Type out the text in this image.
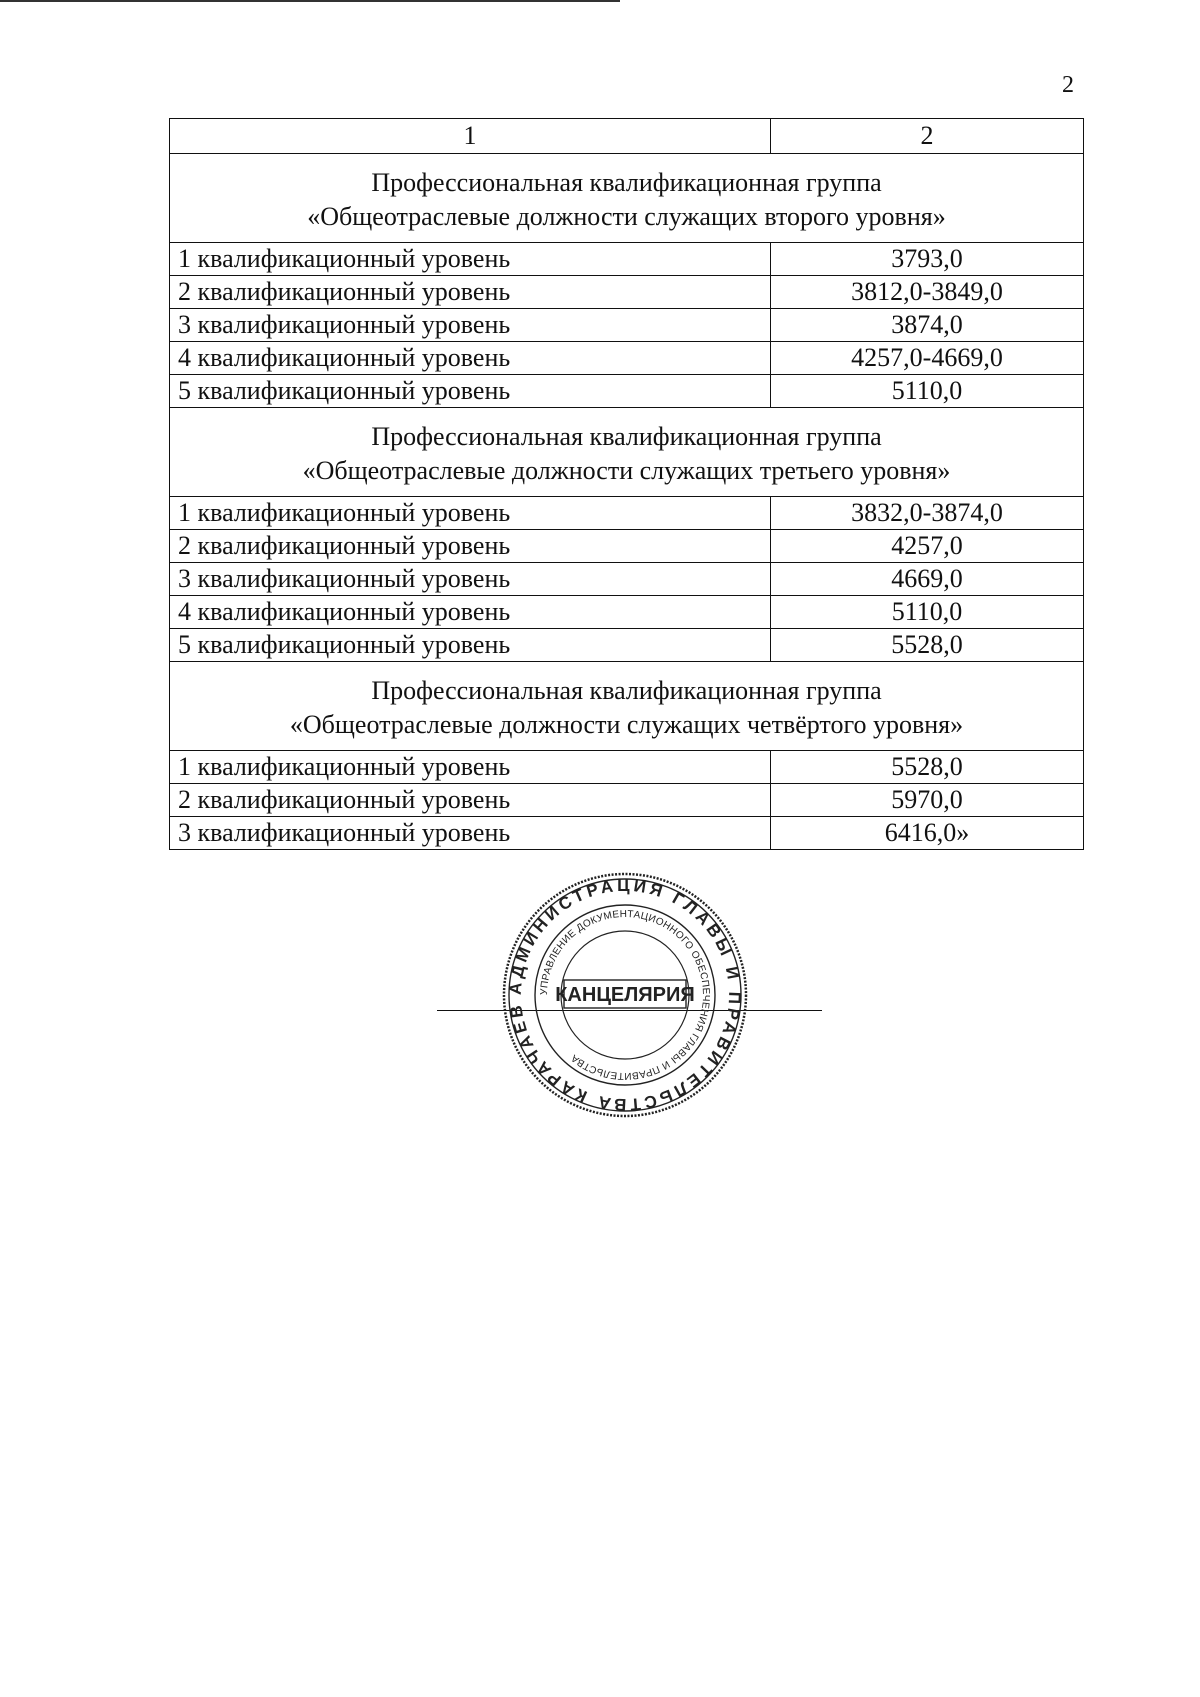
2
1	2

Профессиональная квалификационная группа
«Общеотраслевые должности служащих второго уровня»	

1 квалификационный уровень	3793,0
2 квалификационный уровень	3812,0-3849,0
3 квалификационный уровень	3874,0
4 квалификационный уровень	4257,0-4669,0
5 квалификационный уровень	5110,0

Профессиональная квалификационная группа
«Общеотраслевые должности служащих третьего уровня»	

1 квалификационный уровень	3832,0-3874,0
2 квалификационный уровень	4257,0
3 квалификационный уровень	4669,0
4 квалификационный уровень	5110,0
5 квалификационный уровень	5528,0

Профессиональная квалификационная группа
«Общеотраслевые должности служащих четвёртого уровня»	

1 квалификационный уровень	5528,0
2 квалификационный уровень	5970,0
3 квалификационный уровень	6416,0»
АДМИНИСТРАЦИЯ ГЛАВЫ И ПРАВИТЕЛЬСТВА КАРАЧАЕВ
УПРАВЛЕНИЕ ДОКУМЕНТАЦИОННОГО ОБЕСПЕЧЕНИЯ ГЛАВЫ И ПРАВИТЕЛЬСТВА
КАНЦЕЛЯРИЯ
